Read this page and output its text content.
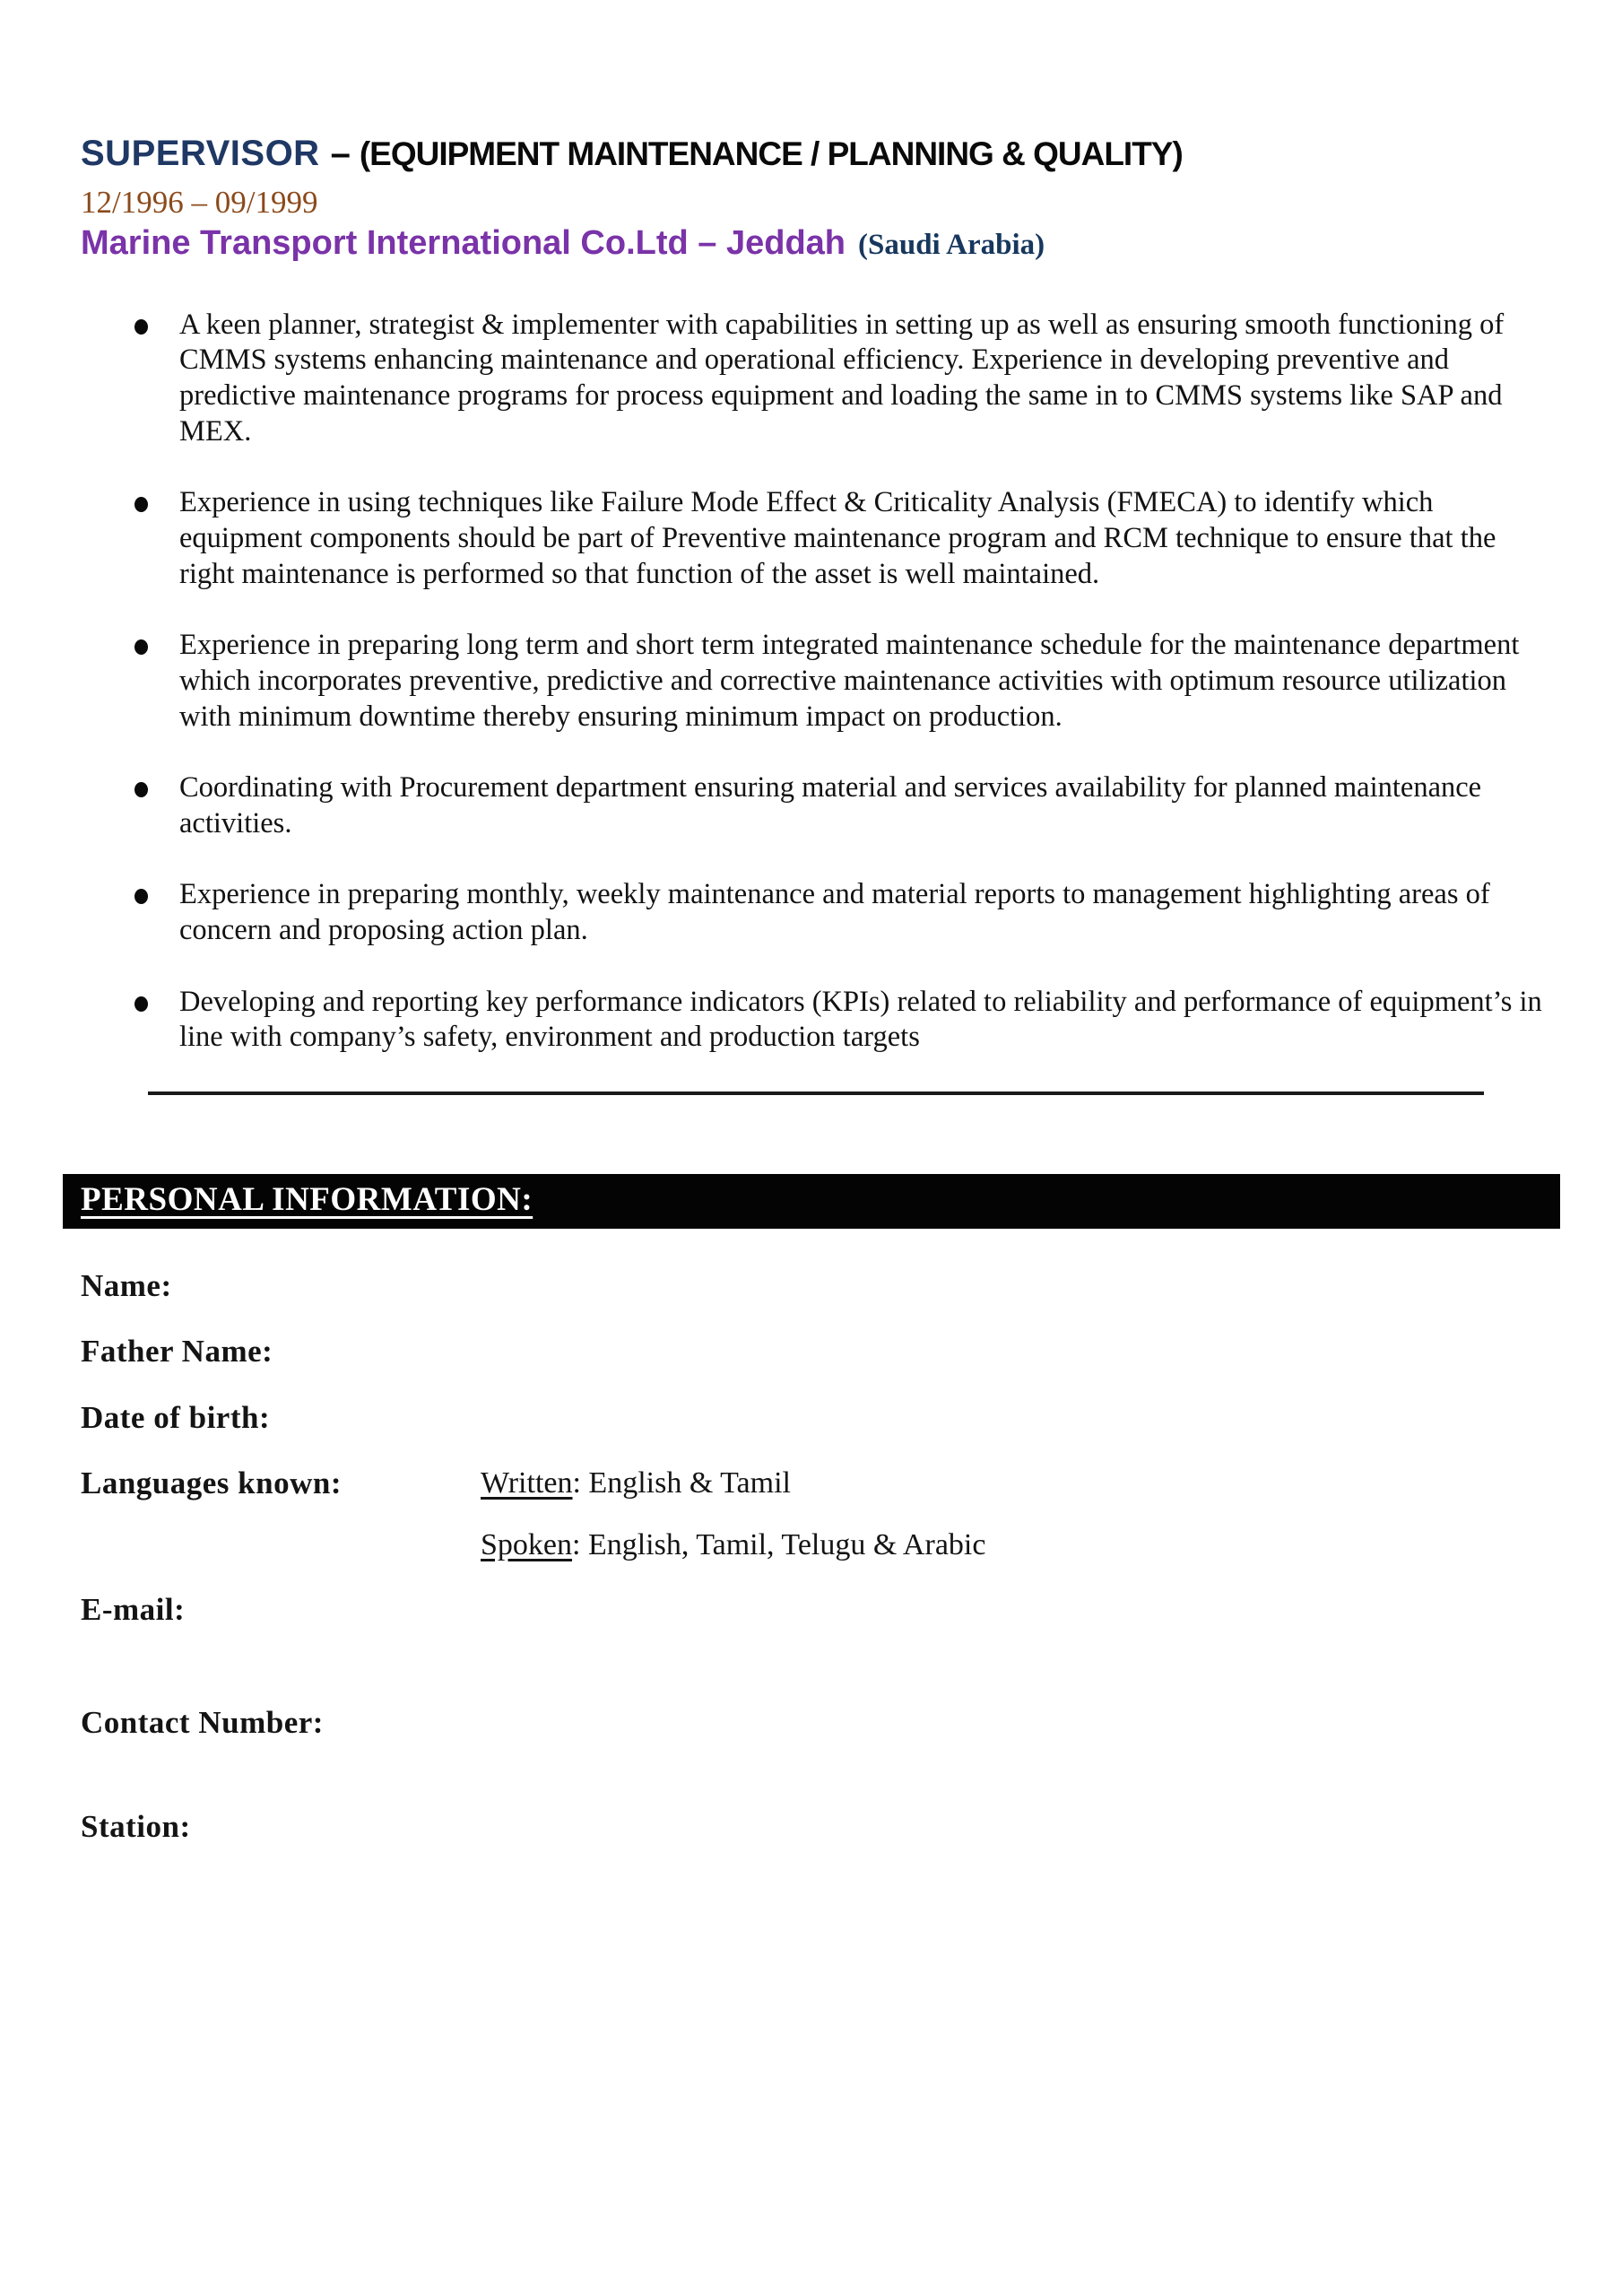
SUPERVISOR – (EQUIPMENT MAINTENANCE / PLANNING & QUALITY)
12/1996 – 09/1999
Marine Transport International Co.Ltd – Jeddah (Saudi Arabia)
A keen planner, strategist & implementer with capabilities in setting up as well as ensuring smooth functioning of CMMS systems enhancing maintenance and operational efficiency. Experience in developing preventive and predictive maintenance programs for process equipment and loading the same in to CMMS systems like SAP and MEX.
Experience in using techniques like Failure Mode Effect & Criticality Analysis (FMECA) to identify which equipment components should be part of Preventive maintenance program and RCM technique to ensure that the right maintenance is performed so that function of the asset is well maintained.
Experience in preparing long term and short term integrated maintenance schedule for the maintenance department which incorporates preventive, predictive and corrective maintenance activities with optimum resource utilization with minimum downtime thereby ensuring minimum impact on production.
Coordinating with Procurement department ensuring material and services availability for planned maintenance activities.
Experience in preparing monthly, weekly maintenance and material reports to management highlighting areas of concern and proposing action plan.
Developing and reporting key performance indicators (KPIs) related to reliability and performance of equipment’s in line with company’s safety, environment and production targets
PERSONAL INFORMATION:
Name:
Father Name:
Date of birth:
Languages known:	Written: English & Tamil
Spoken: English, Tamil, Telugu & Arabic
E-mail:
Contact Number:
Station:
